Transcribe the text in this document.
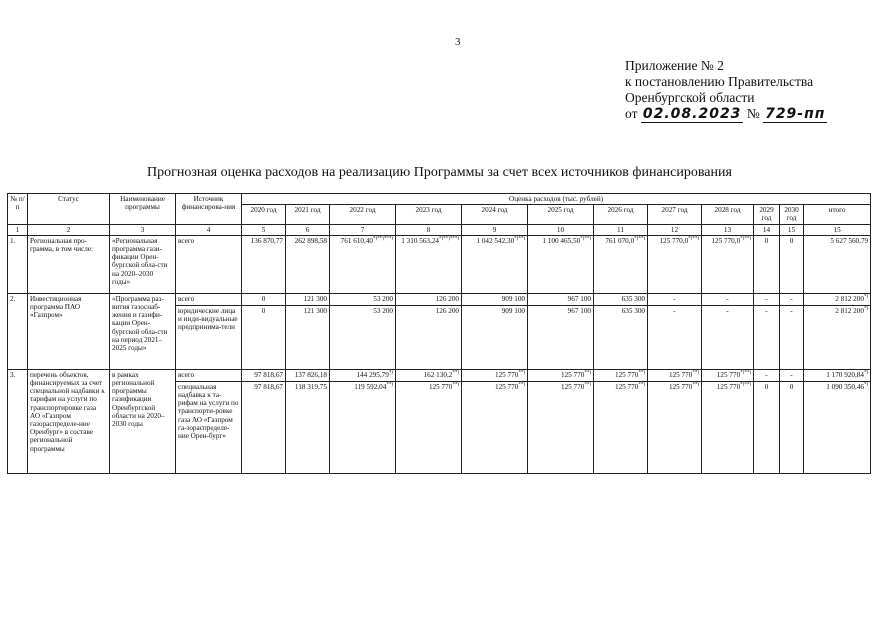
3
Приложение № 2
к постановлению Правительства
Оренбургской области
от 02.08.2023 № 729-пп
Прогнозная оценка расходов на реализацию Программы за счет всех источников финансирования
№ п/п	Статус	Наименование программы	Источник финансирова-ния	Оценка расходов (тыс. рублей)											
				2020 год	2021 год	2022 год	2023 год	2024 год	2025 год	2026 год	2027 год	2028 год	2029 год	2030 год	итого
1	2	3	4	5	6	7	8	9	10	11	12	13	14	15	15
1.	Региональная про-грамма, в том числе:	«Региональная программа гази-фикации Орен-бургской обла-сти на 2020–2030 годы»	всего	136 870,77	262 898,58	761 610,40*)**)***)	1 310 563,24*)**)***)	1 042 542,30*)**)	1 100 465,50*)**)	761 070,0*)**)	125 770,0*)**)	125 770,0*)**)	0	0	5 627 560,79
2.	Инвестиционная программа ПАО «Газпром»	«Программа раз-вития газоснаб-жения и газифи-кации Орен-бургской обла-сти на период 2021–2025 годы»	всего	0	121 300	53 200	126 200	909 100	967 100	635 300	-	-	-	-	2 812 200*)
			юридические лица и инди-видуальные предпринима-тели	0	121 300	53 200	126 200	909 100	967 100	635 300	-	-	-	-	2 812 200*)
3.	перечень объектов, финансируемых за счет специальной надбавки к тарифам на услуги по транспортировке газа АО «Газпром газораспределе-ние Оренбург» в составе региональной программы	в рамках региональной программы газификации Оренбургской области на 2020–2030 годы	всего	97 818,67	137 826,18	144 295,79*)	162 130,2**)	125 770**)	125 770**)	125 770**)	125 770**)	125 770*)**)	-	-	1 170 920,84*)
			специальная надбавка к та-рифам на услуги по транспорти-ровке газа АО «Газпром га-зораспределе-ние Орен-бург»	97 818,67	118 319,75	119 592,04**)	125 770**)	125 770**)	125 770**)	125 770**)	125 770**)	125 770*)**)	0	0	1 090 350,46*)
